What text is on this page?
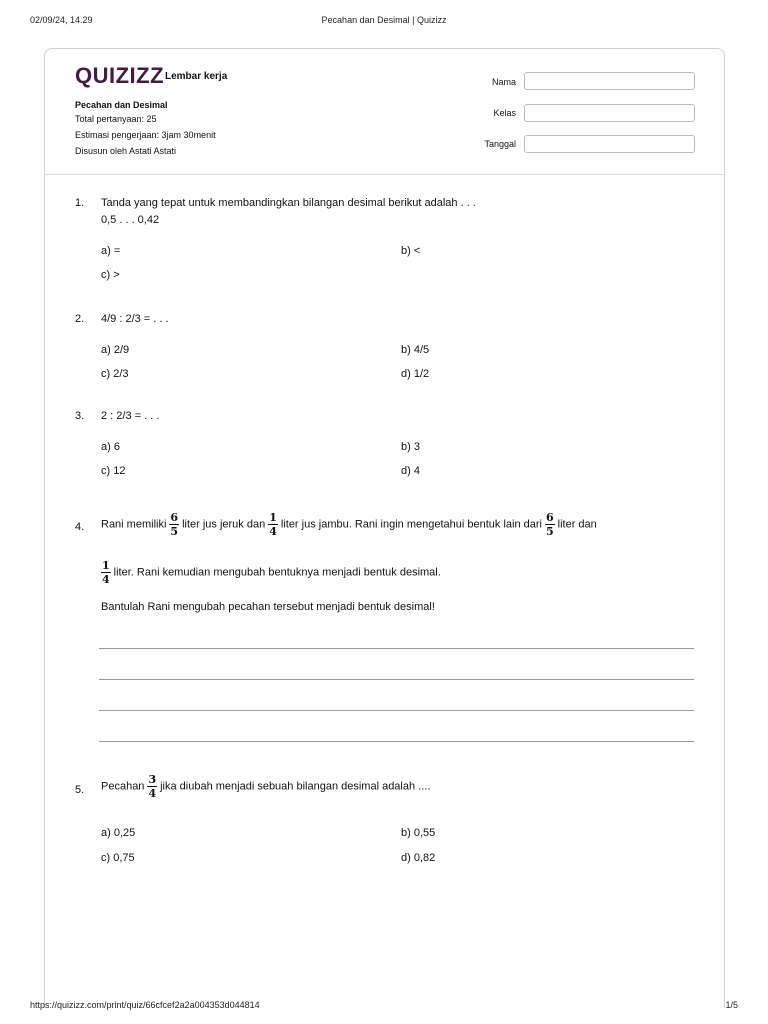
02/09/24, 14.29	Pecahan dan Desimal | Quizizz
QUIZIZZ Lembar kerja
Pecahan dan Desimal
Total pertanyaan: 25
Estimasi pengerjaan: 3jam 30menit
Disusun oleh Astati Astati
Nama
Kelas
Tanggal
1. Tanda yang tepat untuk membandingkan bilangan desimal berikut adalah . . .
0,5 . . . 0,42
a) =	b) <
c) >
2. 4/9 : 2/3 = . . .
a) 2/9	b) 4/5
c) 2/3	d) 1/2
3. 2 : 2/3 = . . .
a) 6	b) 3
c) 12	d) 4
4. Rani memiliki $\frac{6}{5}$ liter jus jeruk dan $\frac{1}{4}$ liter jus jambu. Rani ingin mengetahui bentuk lain dari $\frac{6}{5}$ liter dan
$\frac{1}{4}$ liter. Rani kemudian mengubah bentuknya menjadi bentuk desimal.
Bantulah Rani mengubah pecahan tersebut menjadi bentuk desimal!
5. Pecahan $\frac{3}{4}$ jika diubah menjadi sebuah bilangan desimal adalah ....
a) 0,25	b) 0,55
c) 0,75	d) 0,82
https://quizizz.com/print/quiz/66cfcef2a2a004353d044814	1/5
